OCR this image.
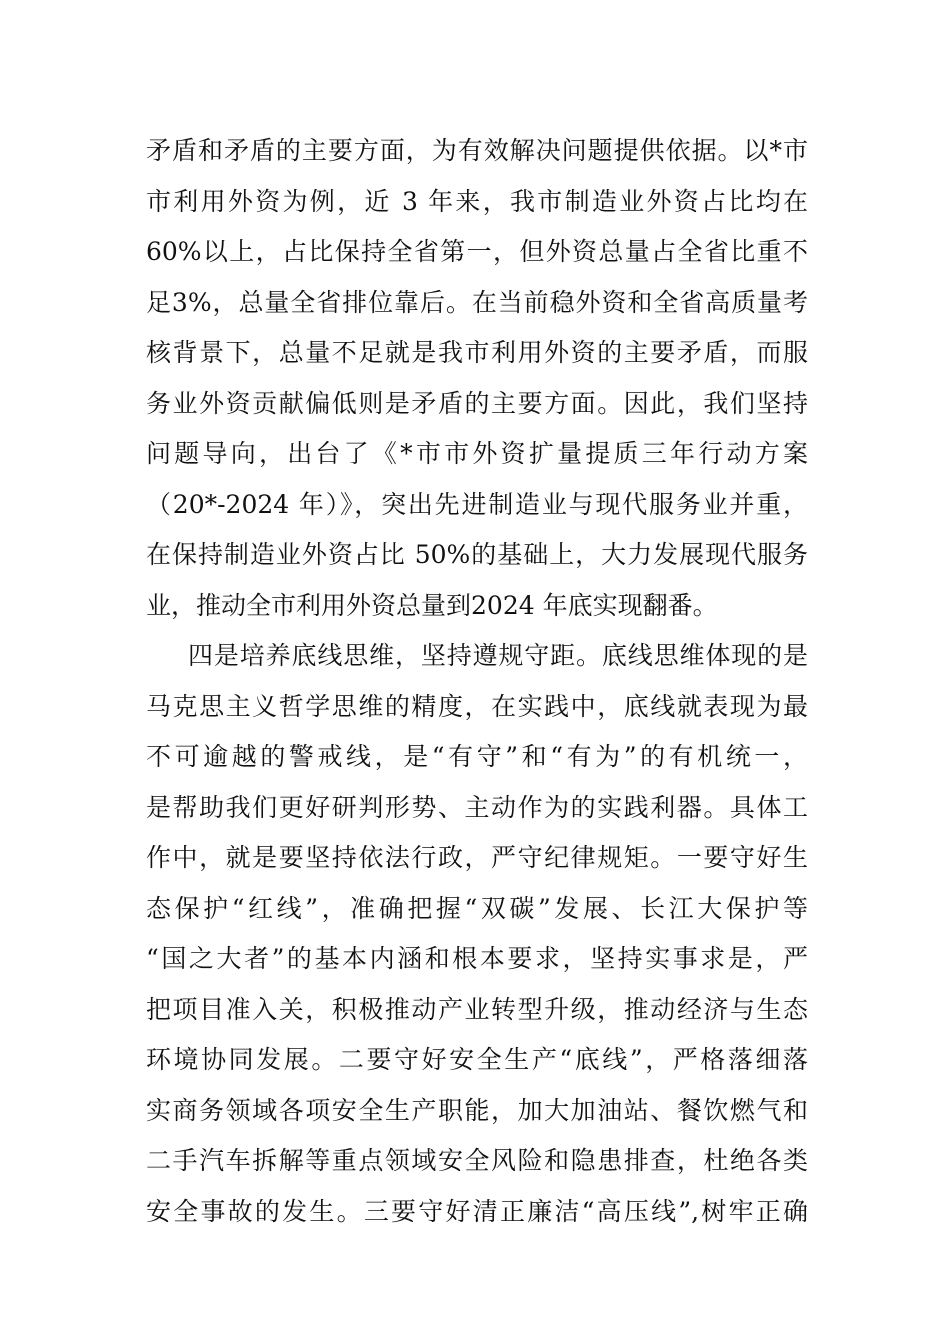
矛盾和矛盾的主要方面，为有效解决问题提供依据。以*市
市利用外资为例，近 3 年来，我市制造业外资占比均在
60%以上，占比保持全省第一，但外资总量占全省比重不
足3%，总量全省排位靠后。在当前稳外资和全省高质量考
核背景下，总量不足就是我市利用外资的主要矛盾，而服
务业外资贡献偏低则是矛盾的主要方面。因此，我们坚持
问题导向，出台了《*市市外资扩量提质三年行动方案
（20*-2024 年）》，突出先进制造业与现代服务业并重，
在保持制造业外资占比 50%的基础上，大力发展现代服务
业，推动全市利用外资总量到2024 年底实现翻番。
四是培养底线思维，坚持遵规守距。底线思维体现的是
马克思主义哲学思维的精度，在实践中，底线就表现为最
不可逾越的警戒线，是“有守”和“有为”的有机统一，
是帮助我们更好研判形势、主动作为的实践利器。具体工
作中，就是要坚持依法行政，严守纪律规矩。一要守好生
态保护“红线”，准确把握“双碳”发展、长江大保护等
“国之大者”的基本内涵和根本要求，坚持实事求是，严
把项目准入关，积极推动产业转型升级，推动经济与生态
环境协同发展。二要守好安全生产“底线”，严格落细落
实商务领域各项安全生产职能，加大加油站、餐饮燃气和
二手汽车拆解等重点领域安全风险和隐患排查，杜绝各类
安全事故的发生。三要守好清正廉洁“高压线”,树牢正确
